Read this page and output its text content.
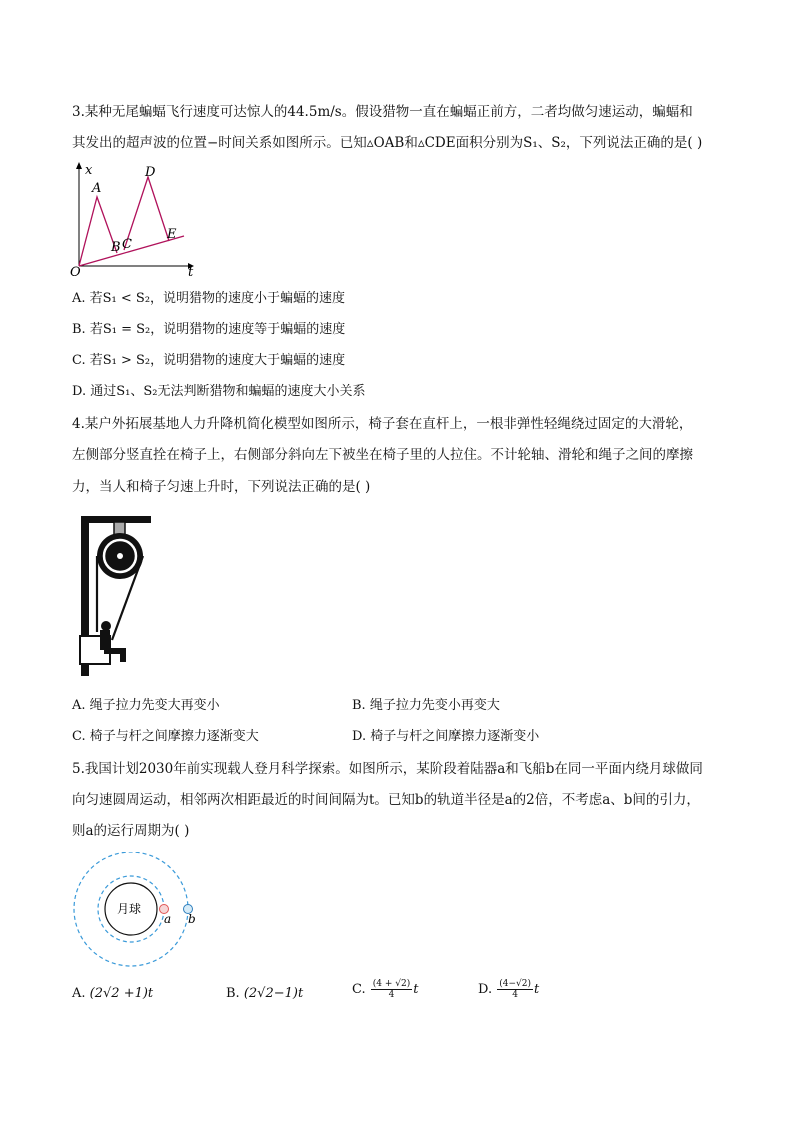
3.某种无尾蝙蝠飞行速度可达惊人的44.5m/s。假设猎物一直在蝙蝠正前方，二者均做匀速运动，蝙蝠和
其发出的超声波的位置−时间关系如图所示。已知▵OAB和▵CDE面积分别为S₁、S₂，下列说法正确的是( )
x
t
O
A
B C
D
E
A. 若S₁ < S₂，说明猎物的速度小于蝙蝠的速度
B. 若S₁ = S₂，说明猎物的速度等于蝙蝠的速度
C. 若S₁ > S₂，说明猎物的速度大于蝙蝠的速度
D. 通过S₁、S₂无法判断猎物和蝙蝠的速度大小关系
4.某户外拓展基地人力升降机简化模型如图所示，椅子套在直杆上，一根非弹性轻绳绕过固定的大滑轮，
左侧部分竖直拴在椅子上，右侧部分斜向左下被坐在椅子里的人拉住。不计轮轴、滑轮和绳子之间的摩擦
力，当人和椅子匀速上升时，下列说法正确的是( )
A. 绳子拉力先变大再变小	B. 绳子拉力先变小再变大
C. 椅子与杆之间摩擦力逐渐变大	D. 椅子与杆之间摩擦力逐渐变小
5.我国计划2030年前实现载人登月科学探索。如图所示，某阶段着陆器a和飞船b在同一平面内绕月球做同
向匀速圆周运动，相邻两次相距最近的时间间隔为t。已知b的轨道半径是a的2倍，不考虑a、b间的引力，
则a的运行周期为( )
月球
a b
A. (2√2 +1)t	B. (2√2−1)t	C. $\frac{(4 + √2)}{4}$ t	D. $\frac{(4-√2)}{4}$ t
